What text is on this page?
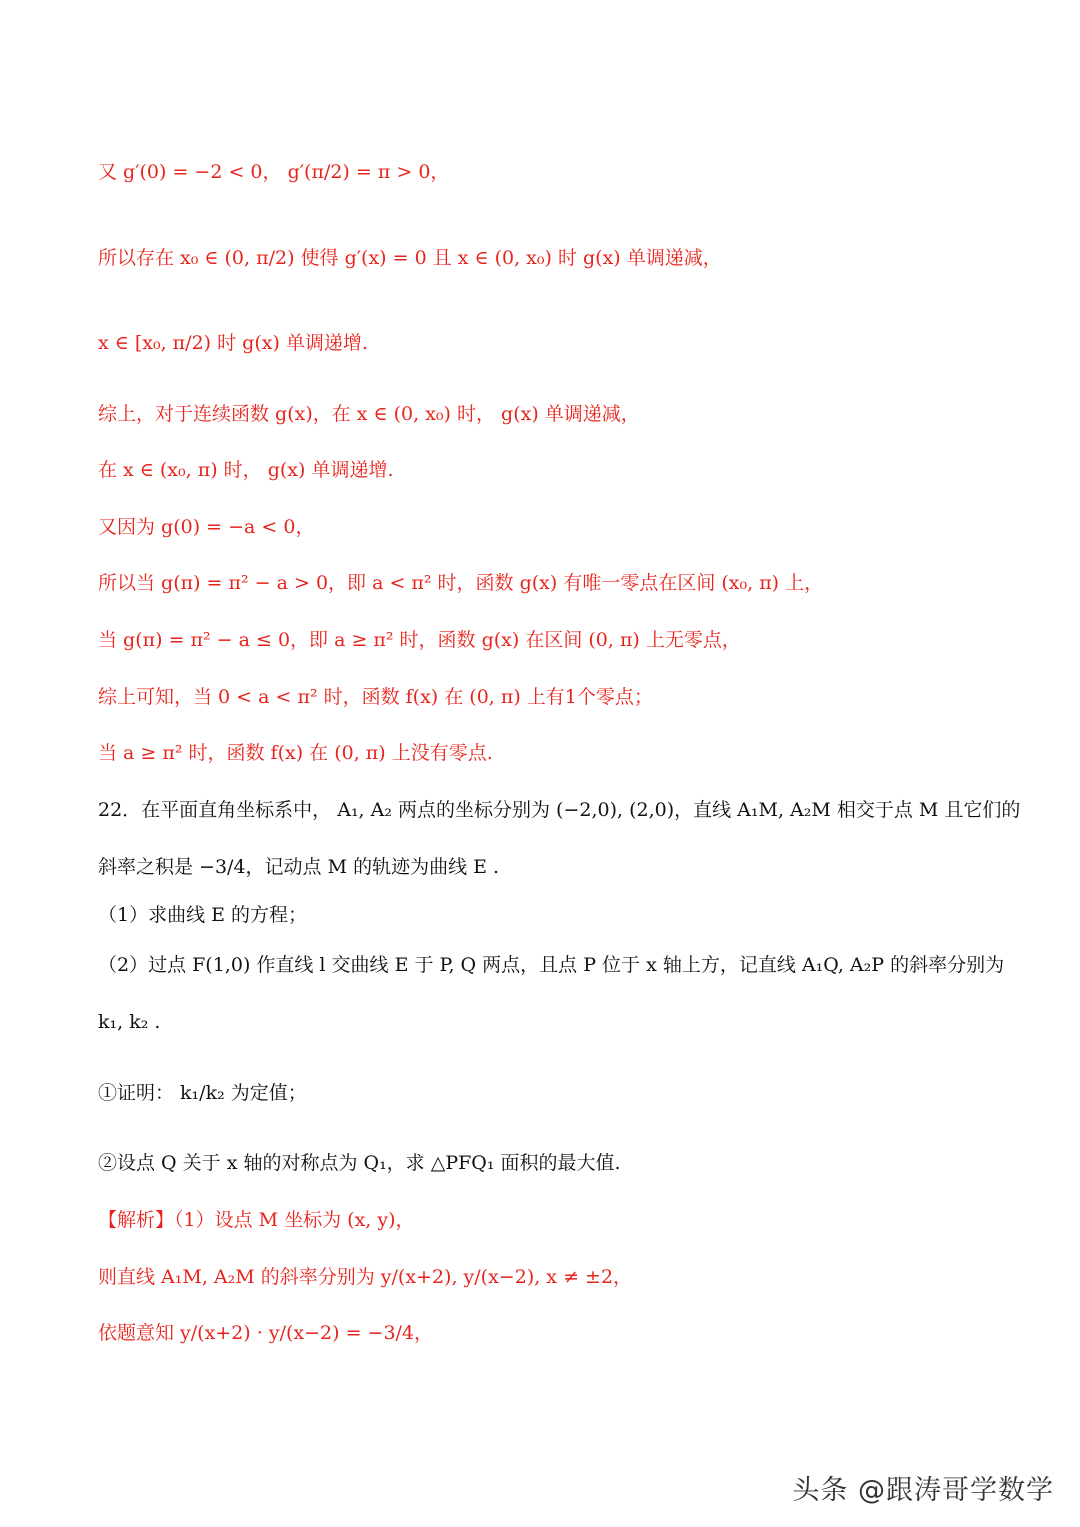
又 g′(0) = −2 < 0， g′(π/2) = π > 0，
所以存在 x₀ ∈ (0, π/2) 使得 g′(x) = 0 且 x ∈ (0, x₀) 时 g(x) 单调递减，
x ∈ [x₀, π/2) 时 g(x) 单调递增.
综上，对于连续函数 g(x)，在 x ∈ (0, x₀) 时， g(x) 单调递减，
在 x ∈ (x₀, π) 时， g(x) 单调递增.
又因为 g(0) = −a < 0，
所以当 g(π) = π² − a > 0，即 a < π² 时，函数 g(x) 有唯一零点在区间 (x₀, π) 上，
当 g(π) = π² − a ≤ 0，即 a ≥ π² 时，函数 g(x) 在区间 (0, π) 上无零点，
综上可知，当 0 < a < π² 时，函数 f(x) 在 (0, π) 上有1个零点；
当 a ≥ π² 时，函数 f(x) 在 (0, π) 上没有零点.
22．在平面直角坐标系中， A₁, A₂ 两点的坐标分别为 (−2,0), (2,0)，直线 A₁M, A₂M 相交于点 M 且它们的
斜率之积是 −3/4，记动点 M 的轨迹为曲线 E .
（1）求曲线 E 的方程；
（2）过点 F(1,0) 作直线 l 交曲线 E 于 P, Q 两点，且点 P 位于 x 轴上方，记直线 A₁Q, A₂P 的斜率分别为
k₁, k₂ .
①证明： k₁/k₂ 为定值；
②设点 Q 关于 x 轴的对称点为 Q₁，求 △PFQ₁ 面积的最大值.
【解析】（1）设点 M 坐标为 (x, y)，
则直线 A₁M, A₂M 的斜率分别为 y/(x+2), y/(x−2), x ≠ ±2，
依题意知 y/(x+2) · y/(x−2) = −3/4，
头条 @跟涛哥学数学
